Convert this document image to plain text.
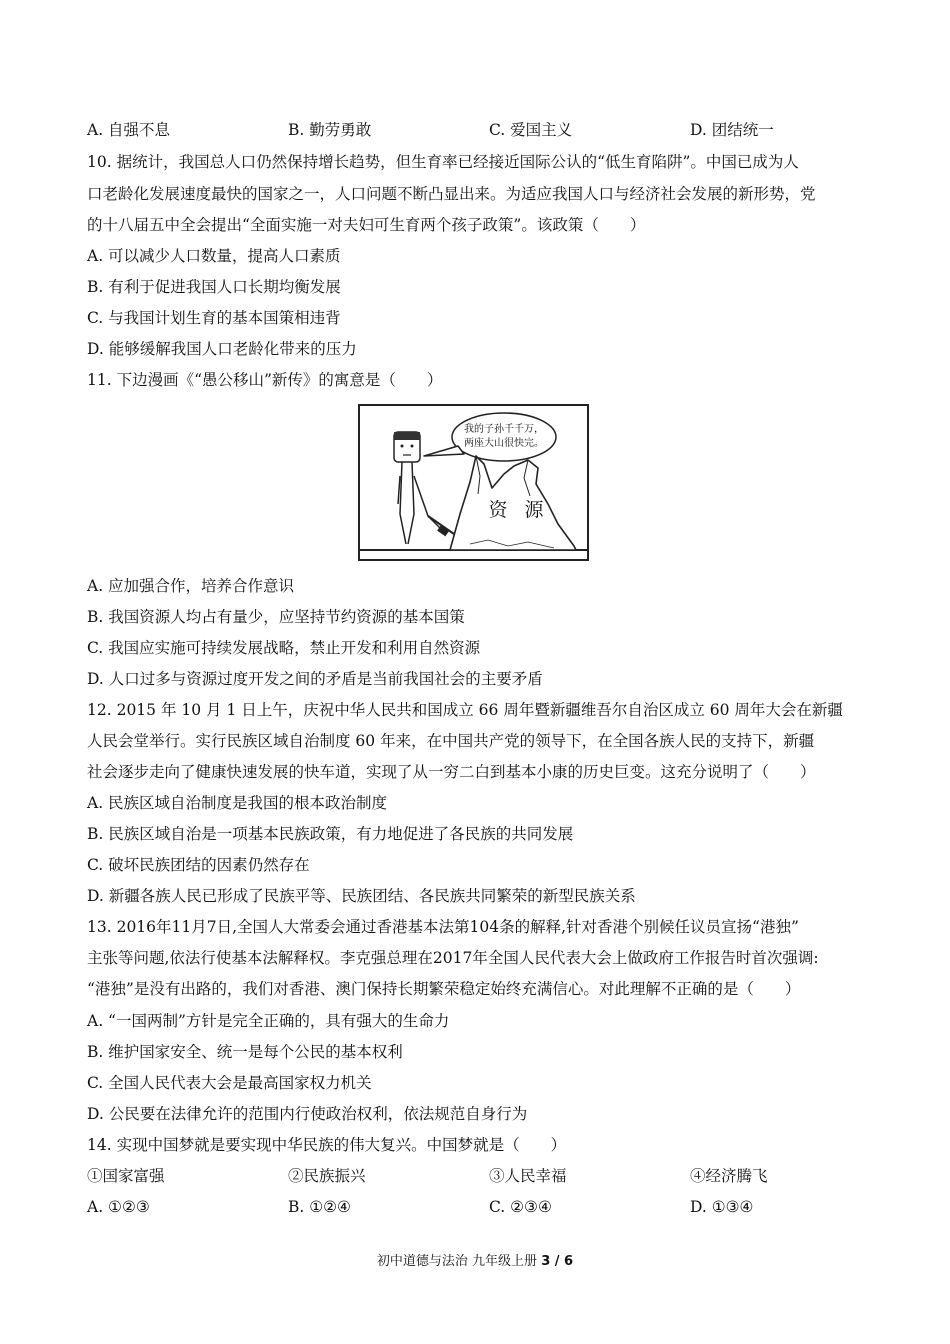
A. 自强不息	B. 勤劳勇敢	C. 爱国主义	D. 团结统一
10. 据统计，我国总人口仍然保持增长趋势，但生育率已经接近国际公认的“低生育陷阱”。中国已成为人
口老龄化发展速度最快的国家之一，人口问题不断凸显出来。为适应我国人口与经济社会发展的新形势，党
的十八届五中全会提出“全面实施一对夫妇可生育两个孩子政策”。该政策（　　）
A. 可以减少人口数量，提高人口素质
B. 有利于促进我国人口长期均衡发展
C. 与我国计划生育的基本国策相违背
D. 能够缓解我国人口老龄化带来的压力
11. 下边漫画《“愚公移山”新传》的寓意是（　　）
我的子孙千千万，
两座大山很快完。
资 源
A. 应加强合作，培养合作意识
B. 我国资源人均占有量少，应坚持节约资源的基本国策
C. 我国应实施可持续发展战略，禁止开发和利用自然资源
D. 人口过多与资源过度开发之间的矛盾是当前我国社会的主要矛盾
12. 2015 年 10 月 1 日上午，庆祝中华人民共和国成立 66 周年暨新疆维吾尔自治区成立 60 周年大会在新疆
人民会堂举行。实行民族区域自治制度 60 年来，在中国共产党的领导下，在全国各族人民的支持下，新疆
社会逐步走向了健康快速发展的快车道，实现了从一穷二白到基本小康的历史巨变。这充分说明了（　　）
A. 民族区域自治制度是我国的根本政治制度
B. 民族区域自治是一项基本民族政策，有力地促进了各民族的共同发展
C. 破坏民族团结的因素仍然存在
D. 新疆各族人民已形成了民族平等、民族团结、各民族共同繁荣的新型民族关系
13. 2016年11月7日,全国人大常委会通过香港基本法第104条的解释,针对香港个别候任议员宣扬“港独”
主张等问题,依法行使基本法解释权。李克强总理在2017年全国人民代表大会上做政府工作报告时首次强调:
“港独”是没有出路的，我们对香港、澳门保持长期繁荣稳定始终充满信心。对此理解不正确的是（　　）
A. “一国两制”方针是完全正确的，具有强大的生命力
B. 维护国家安全、统一是每个公民的基本权利
C. 全国人民代表大会是最高国家权力机关
D. 公民要在法律允许的范围内行使政治权利，依法规范自身行为
14. 实现中国梦就是要实现中华民族的伟大复兴。中国梦就是（　　）
①国家富强	②民族振兴	③人民幸福	④经济腾飞
A. ①②③	B. ①②④	C. ②③④	D. ①③④
初中道德与法治 九年级上册 3 / 6
